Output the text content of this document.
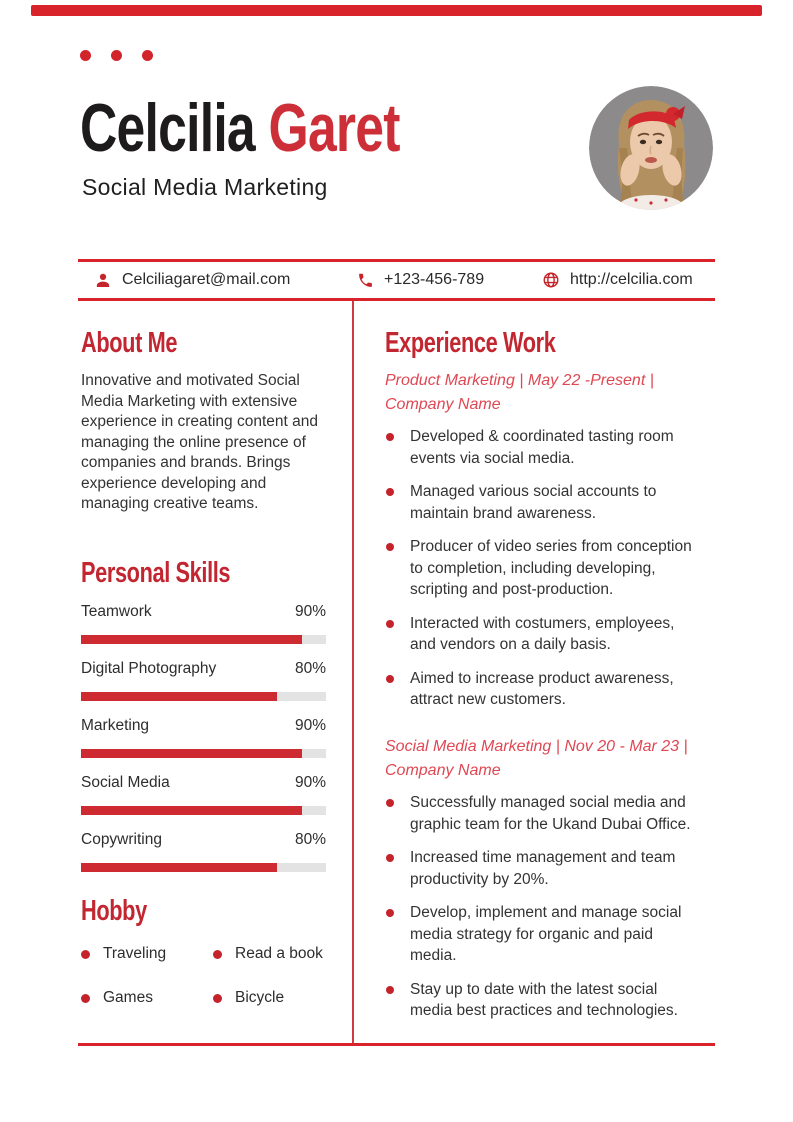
Celcilia Garet
Social Media Marketing
Celciliagaret@mail.com	+123-456-789	http://celcilia.com
About Me
Innovative and motivated Social Media Marketing with extensive experience in creating content and managing the online presence of companies and brands. Brings experience developing and managing creative teams.
Personal Skills
Teamwork	90%
Digital Photography	80%
Marketing	90%
Social Media	90%
Copywriting	80%
Hobby
Traveling	Read a book
Games	Bicycle
Experience Work
Product Marketing | May 22 -Present | Company Name
Developed & coordinated tasting room events via social media.
Managed various social accounts to maintain brand awareness.
Producer of video series from conception to completion, including developing, scripting and post-production.
Interacted with costumers, employees, and vendors on a daily basis.
Aimed to increase product awareness, attract new customers.
Social Media Marketing | Nov 20 - Mar 23 | Company Name
Successfully managed social media and graphic team for the Ukand Dubai Office.
Increased time management and team productivity by 20%.
Develop, implement and manage social media strategy for organic and paid media.
Stay up to date with the latest social media best practices and technologies.
